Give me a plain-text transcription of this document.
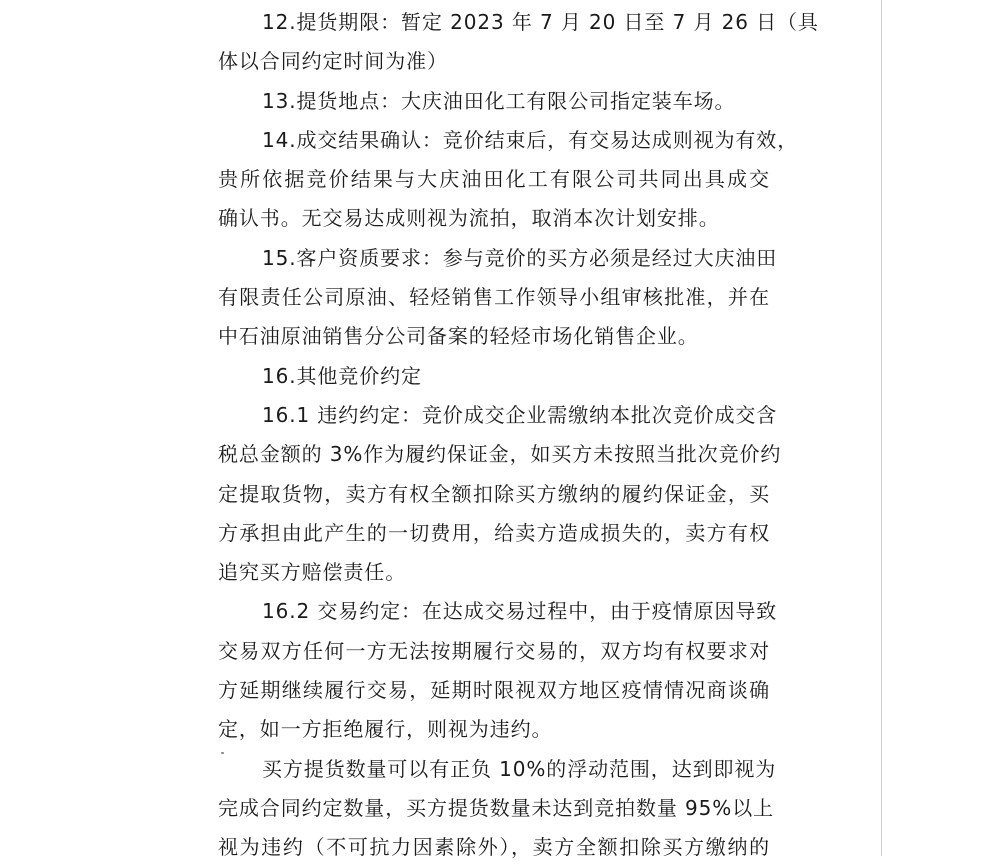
12.提货期限：暂定 2023 年 7 月 20 日至 7 月 26 日（具
体以合同约定时间为准）
13.提货地点：大庆油田化工有限公司指定装车场。
14.成交结果确认：竞价结束后，有交易达成则视为有效，
贵所依据竞价结果与大庆油田化工有限公司共同出具成交
确认书。无交易达成则视为流拍，取消本次计划安排。
15.客户资质要求：参与竞价的买方必须是经过大庆油田
有限责任公司原油、轻烃销售工作领导小组审核批准，并在
中石油原油销售分公司备案的轻烃市场化销售企业。
16.其他竞价约定
16.1 违约约定：竞价成交企业需缴纳本批次竞价成交含
税总金额的 3%作为履约保证金，如买方未按照当批次竞价约
定提取货物，卖方有权全额扣除买方缴纳的履约保证金，买
方承担由此产生的一切费用，给卖方造成损失的，卖方有权
追究买方赔偿责任。
16.2 交易约定：在达成交易过程中，由于疫情原因导致
交易双方任何一方无法按期履行交易的，双方均有权要求对
方延期继续履行交易，延期时限视双方地区疫情情况商谈确
定，如一方拒绝履行，则视为违约。
买方提货数量可以有正负 10%的浮动范围，达到即视为
完成合同约定数量，买方提货数量未达到竞拍数量 95%以上
视为违约（不可抗力因素除外），卖方全额扣除买方缴纳的
